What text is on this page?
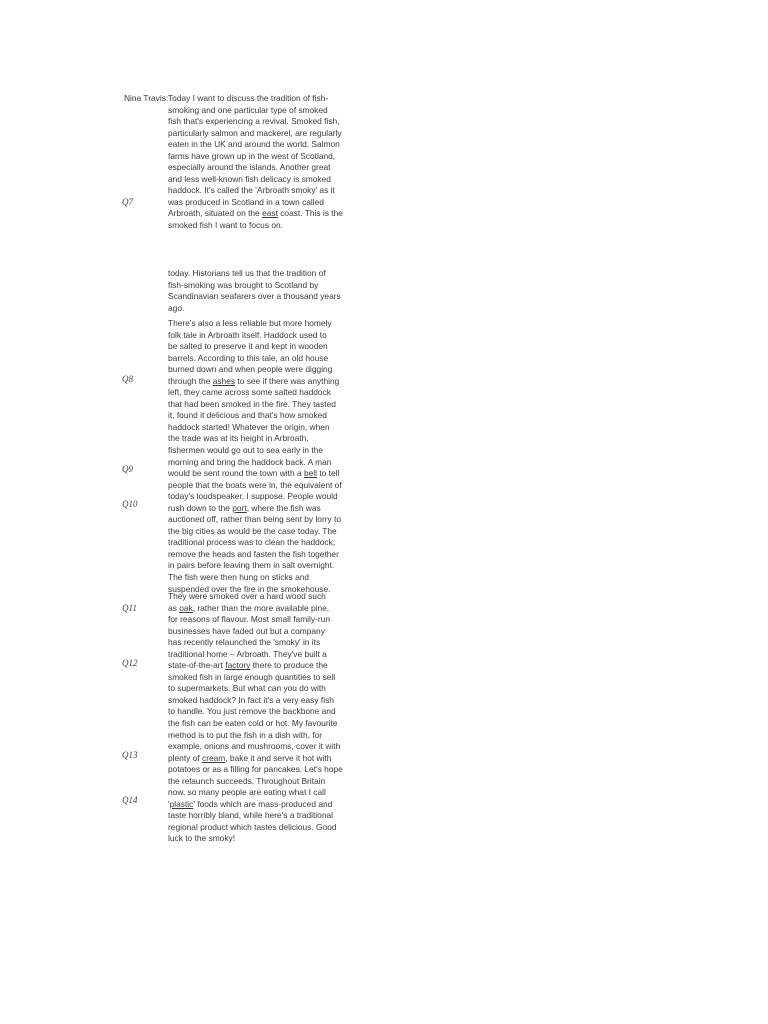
Nina Travis:
Q7
Q8
Q9
Q10
Q11
Q12
Q13
Q14
Today I want to discuss the tradition of fish-
smoking and one particular type of smoked
fish that's experiencing a revival. Smoked fish,
particularly salmon and mackerel, are regularly
eaten in the UK and around the world. Salmon
farms have grown up in the west of Scotland,
especially around the islands. Another great
and less well-known fish delicacy is smoked
haddock. It's called the 'Arbroath smoky' as it
was produced in Scotland in a town called
Arbroath, situated on the east coast. This is the
smoked fish I want to focus on.
today. Historians tell us that the tradition of
fish-smoking was brought to Scotland by
Scandinavian seafarers over a thousand years
ago.
There's also a less reliable but more homely
folk tale in Arbroath itself. Haddock used to
be salted to preserve it and kept in wooden
barrels. According to this tale, an old house
burned down and when people were digging
through the ashes to see if there was anything
left, they came across some salted haddock
that had been smoked in the fire. They tasted
it, found it delicious and that's how smoked
haddock started! Whatever the origin, when
the trade was at its height in Arbroath,
fishermen would go out to sea early in the
morning and bring the haddock back. A man
would be sent round the town with a bell to tell
people that the boats were in, the equivalent of
today's loudspeaker, I suppose. People would
rush down to the port, where the fish was
auctioned off, rather than being sent by lorry to
the big cities as would be the case today. The
traditional process was to clean the haddock,
remove the heads and fasten the fish together
in pairs before leaving them in salt overnight.
The fish were then hung on sticks and
suspended over the fire in the smokehouse.
They were smoked over a hard wood such
as oak, rather than the more available pine,
for reasons of flavour. Most small family-run
businesses have faded out but a company
has recently relaunched the 'smoky' in its
traditional home – Arbroath. They've built a
state-of-the-art factory there to produce the
smoked fish in large enough quantities to sell
to supermarkets. But what can you do with
smoked haddock? In fact it's a very easy fish
to handle. You just remove the backbone and
the fish can be eaten cold or hot. My favourite
method is to put the fish in a dish with, for
example, onions and mushrooms, cover it with
plenty of cream, bake it and serve it hot with
potatoes or as a filling for pancakes. Let's hope
the relaunch succeeds. Throughout Britain
now, so many people are eating what I call
'plastic' foods which are mass-produced and
taste horribly bland, while here's a traditional
regional product which tastes delicious. Good
luck to the smoky!
